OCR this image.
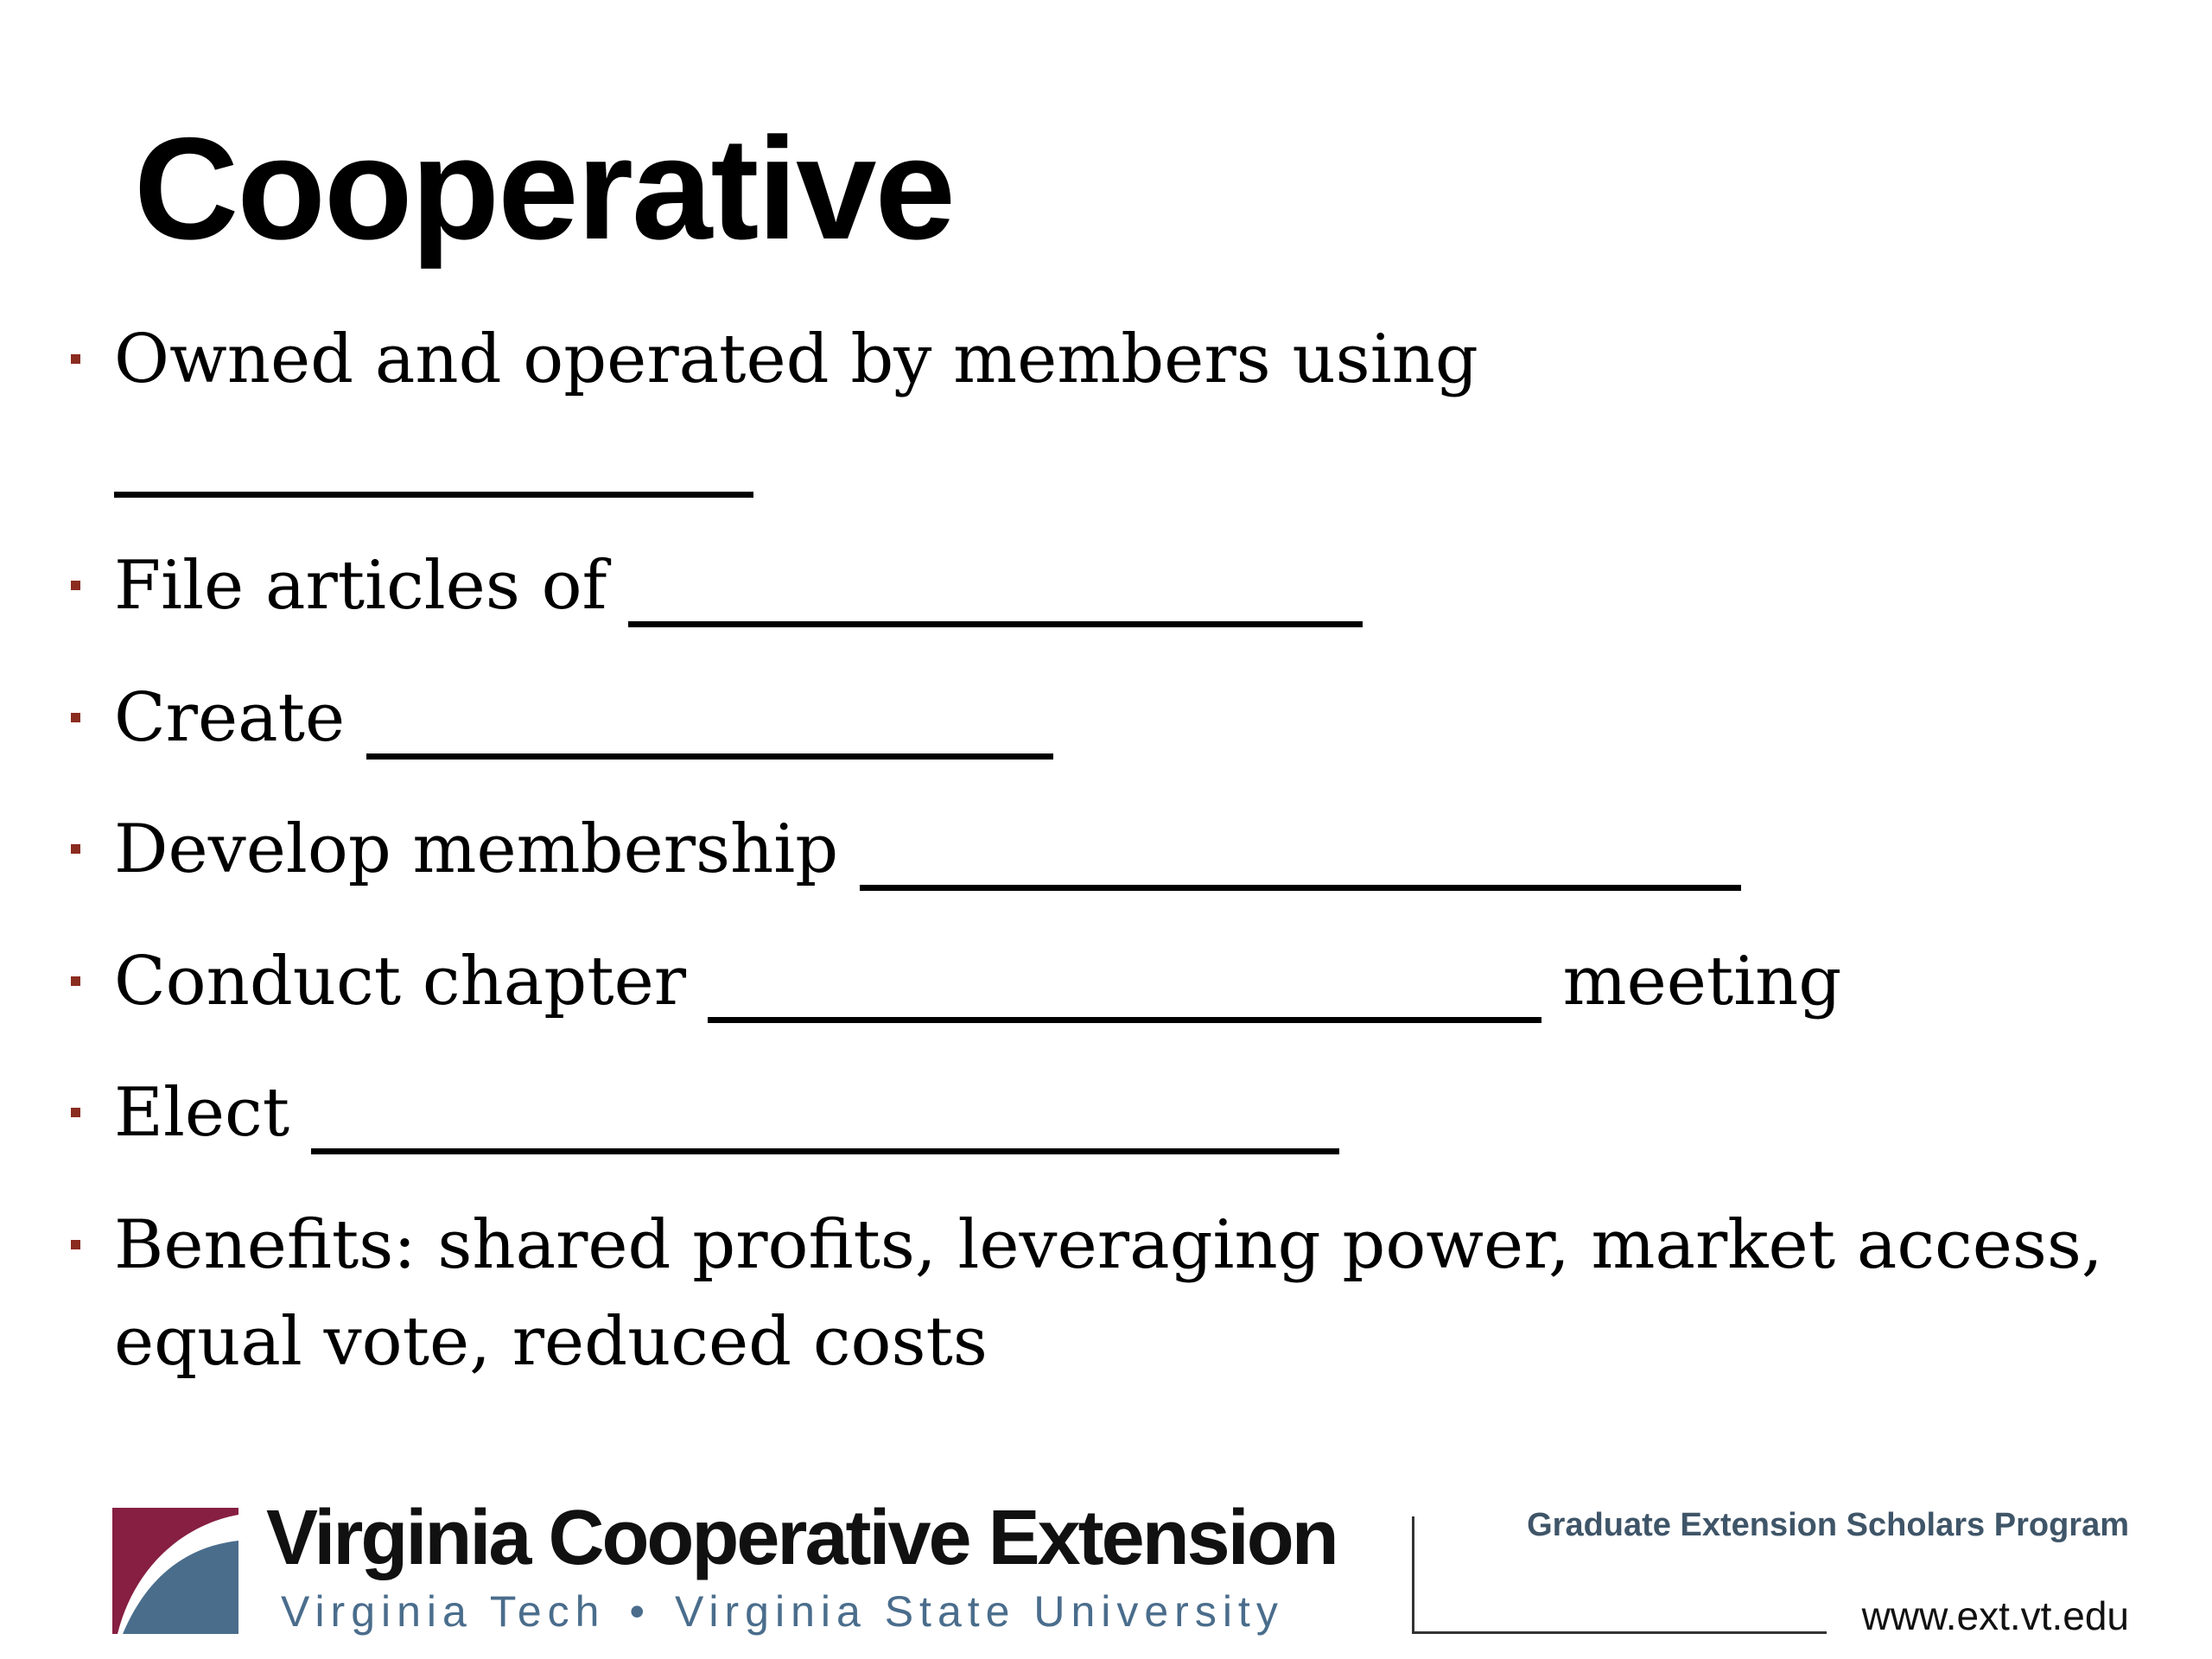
Cooperative
Owned and operated by members using
File articles of
Create
Develop membership
Conduct chapter	meeting
Elect
Benefits: shared profits, leveraging power, market access,
equal vote, reduced costs
Virginia Cooperative Extension
Virginia Tech • Virginia State University
Graduate Extension Scholars Program
www.ext.vt.edu
